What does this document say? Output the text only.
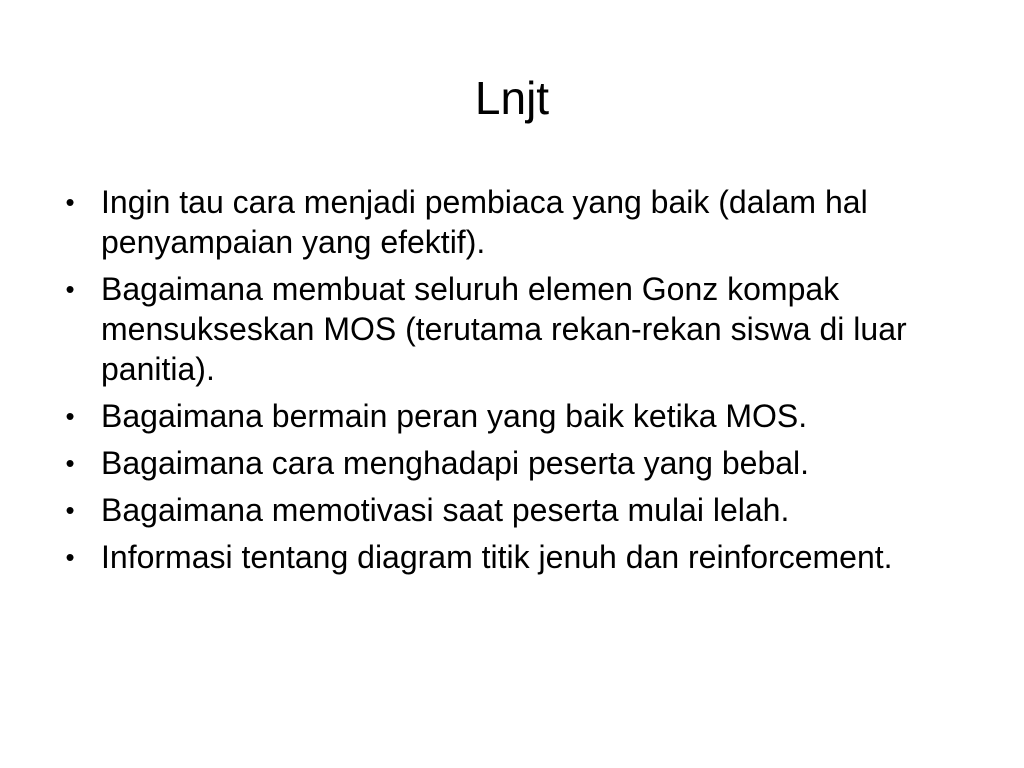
Lnjt
• Ingin tau cara menjadi pembiaca yang baik (dalam hal penyampaian yang efektif).
• Bagaimana membuat seluruh elemen Gonz kompak mensukseskan MOS (terutama rekan-rekan siswa di luar panitia).
• Bagaimana bermain peran yang baik ketika MOS.
• Bagaimana cara menghadapi peserta yang bebal.
• Bagaimana memotivasi saat peserta mulai lelah.
• Informasi tentang diagram titik jenuh dan reinforcement.
